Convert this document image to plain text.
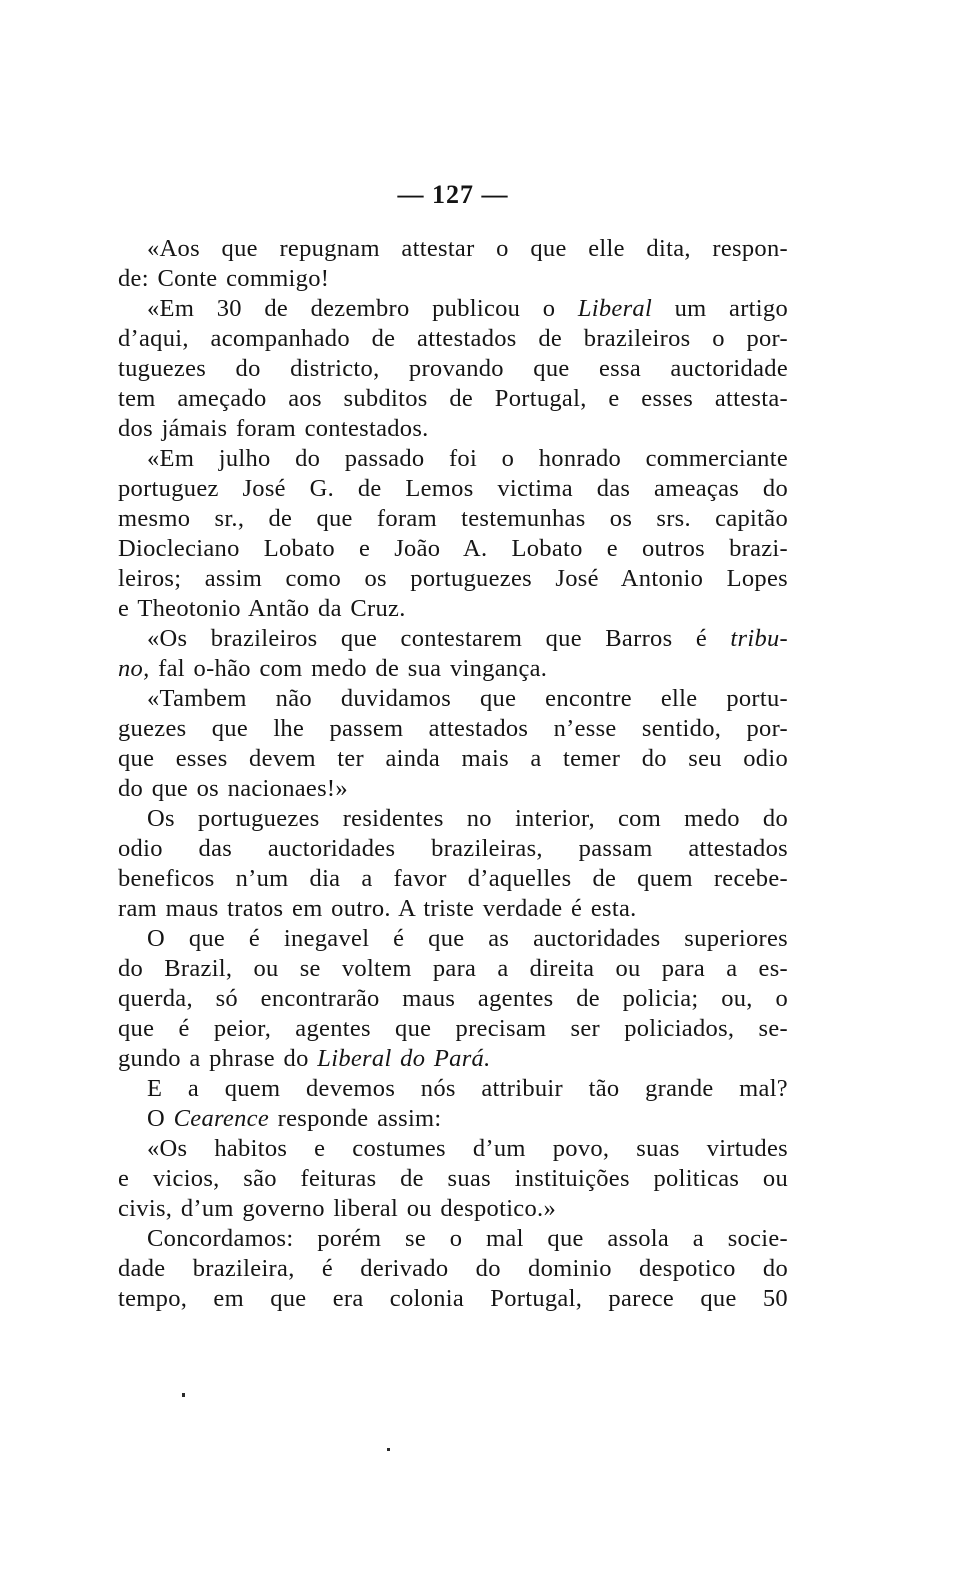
— 127 —
«Aos que repugnam attestar o que elle dita, respon-
de: Conte commigo!
«Em 30 de dezembro publicou o Liberal um artigo
d’aqui, acompanhado de attestados de brazileiros o por-
tuguezes do districto, provando que essa auctoridade
tem ameçado aos subditos de Portugal, e esses attesta-
dos jámais foram contestados.
«Em julho do passado foi o honrado commerciante
portuguez José G. de Lemos victima das ameaças do
mesmo sr., de que foram testemunhas os srs. capitão
Diocleciano Lobato e João A. Lobato e outros brazi-
leiros; assim como os portuguezes José Antonio Lopes
e Theotonio Antão da Cruz.
«Os brazileiros que contestarem que Barros é tribu-
no, fal o-hão com medo de sua vingança.
«Tambem não duvidamos que encontre elle portu-
guezes que lhe passem attestados n’esse sentido, por-
que esses devem ter ainda mais a temer do seu odio
do que os nacionaes!»
Os portuguezes residentes no interior, com medo do
odio das auctoridades brazileiras, passam attestados
beneficos n’um dia a favor d’aquelles de quem recebe-
ram maus tratos em outro. A triste verdade é esta.
O que é inegavel é que as auctoridades superiores
do Brazil, ou se voltem para a direita ou para a es-
querda, só encontrarão maus agentes de policia; ou, o
que é peior, agentes que precisam ser policiados, se-
gundo a phrase do Liberal do Pará.
E a quem devemos nós attribuir tão grande mal?
O Cearence responde assim:
«Os habitos e costumes d’um povo, suas virtudes
e vicios, são feituras de suas instituições politicas ou
civis, d’um governo liberal ou despotico.»
Concordamos: porém se o mal que assola a socie-
dade brazileira, é derivado do dominio despotico do
tempo, em que era colonia Portugal, parece que 50
